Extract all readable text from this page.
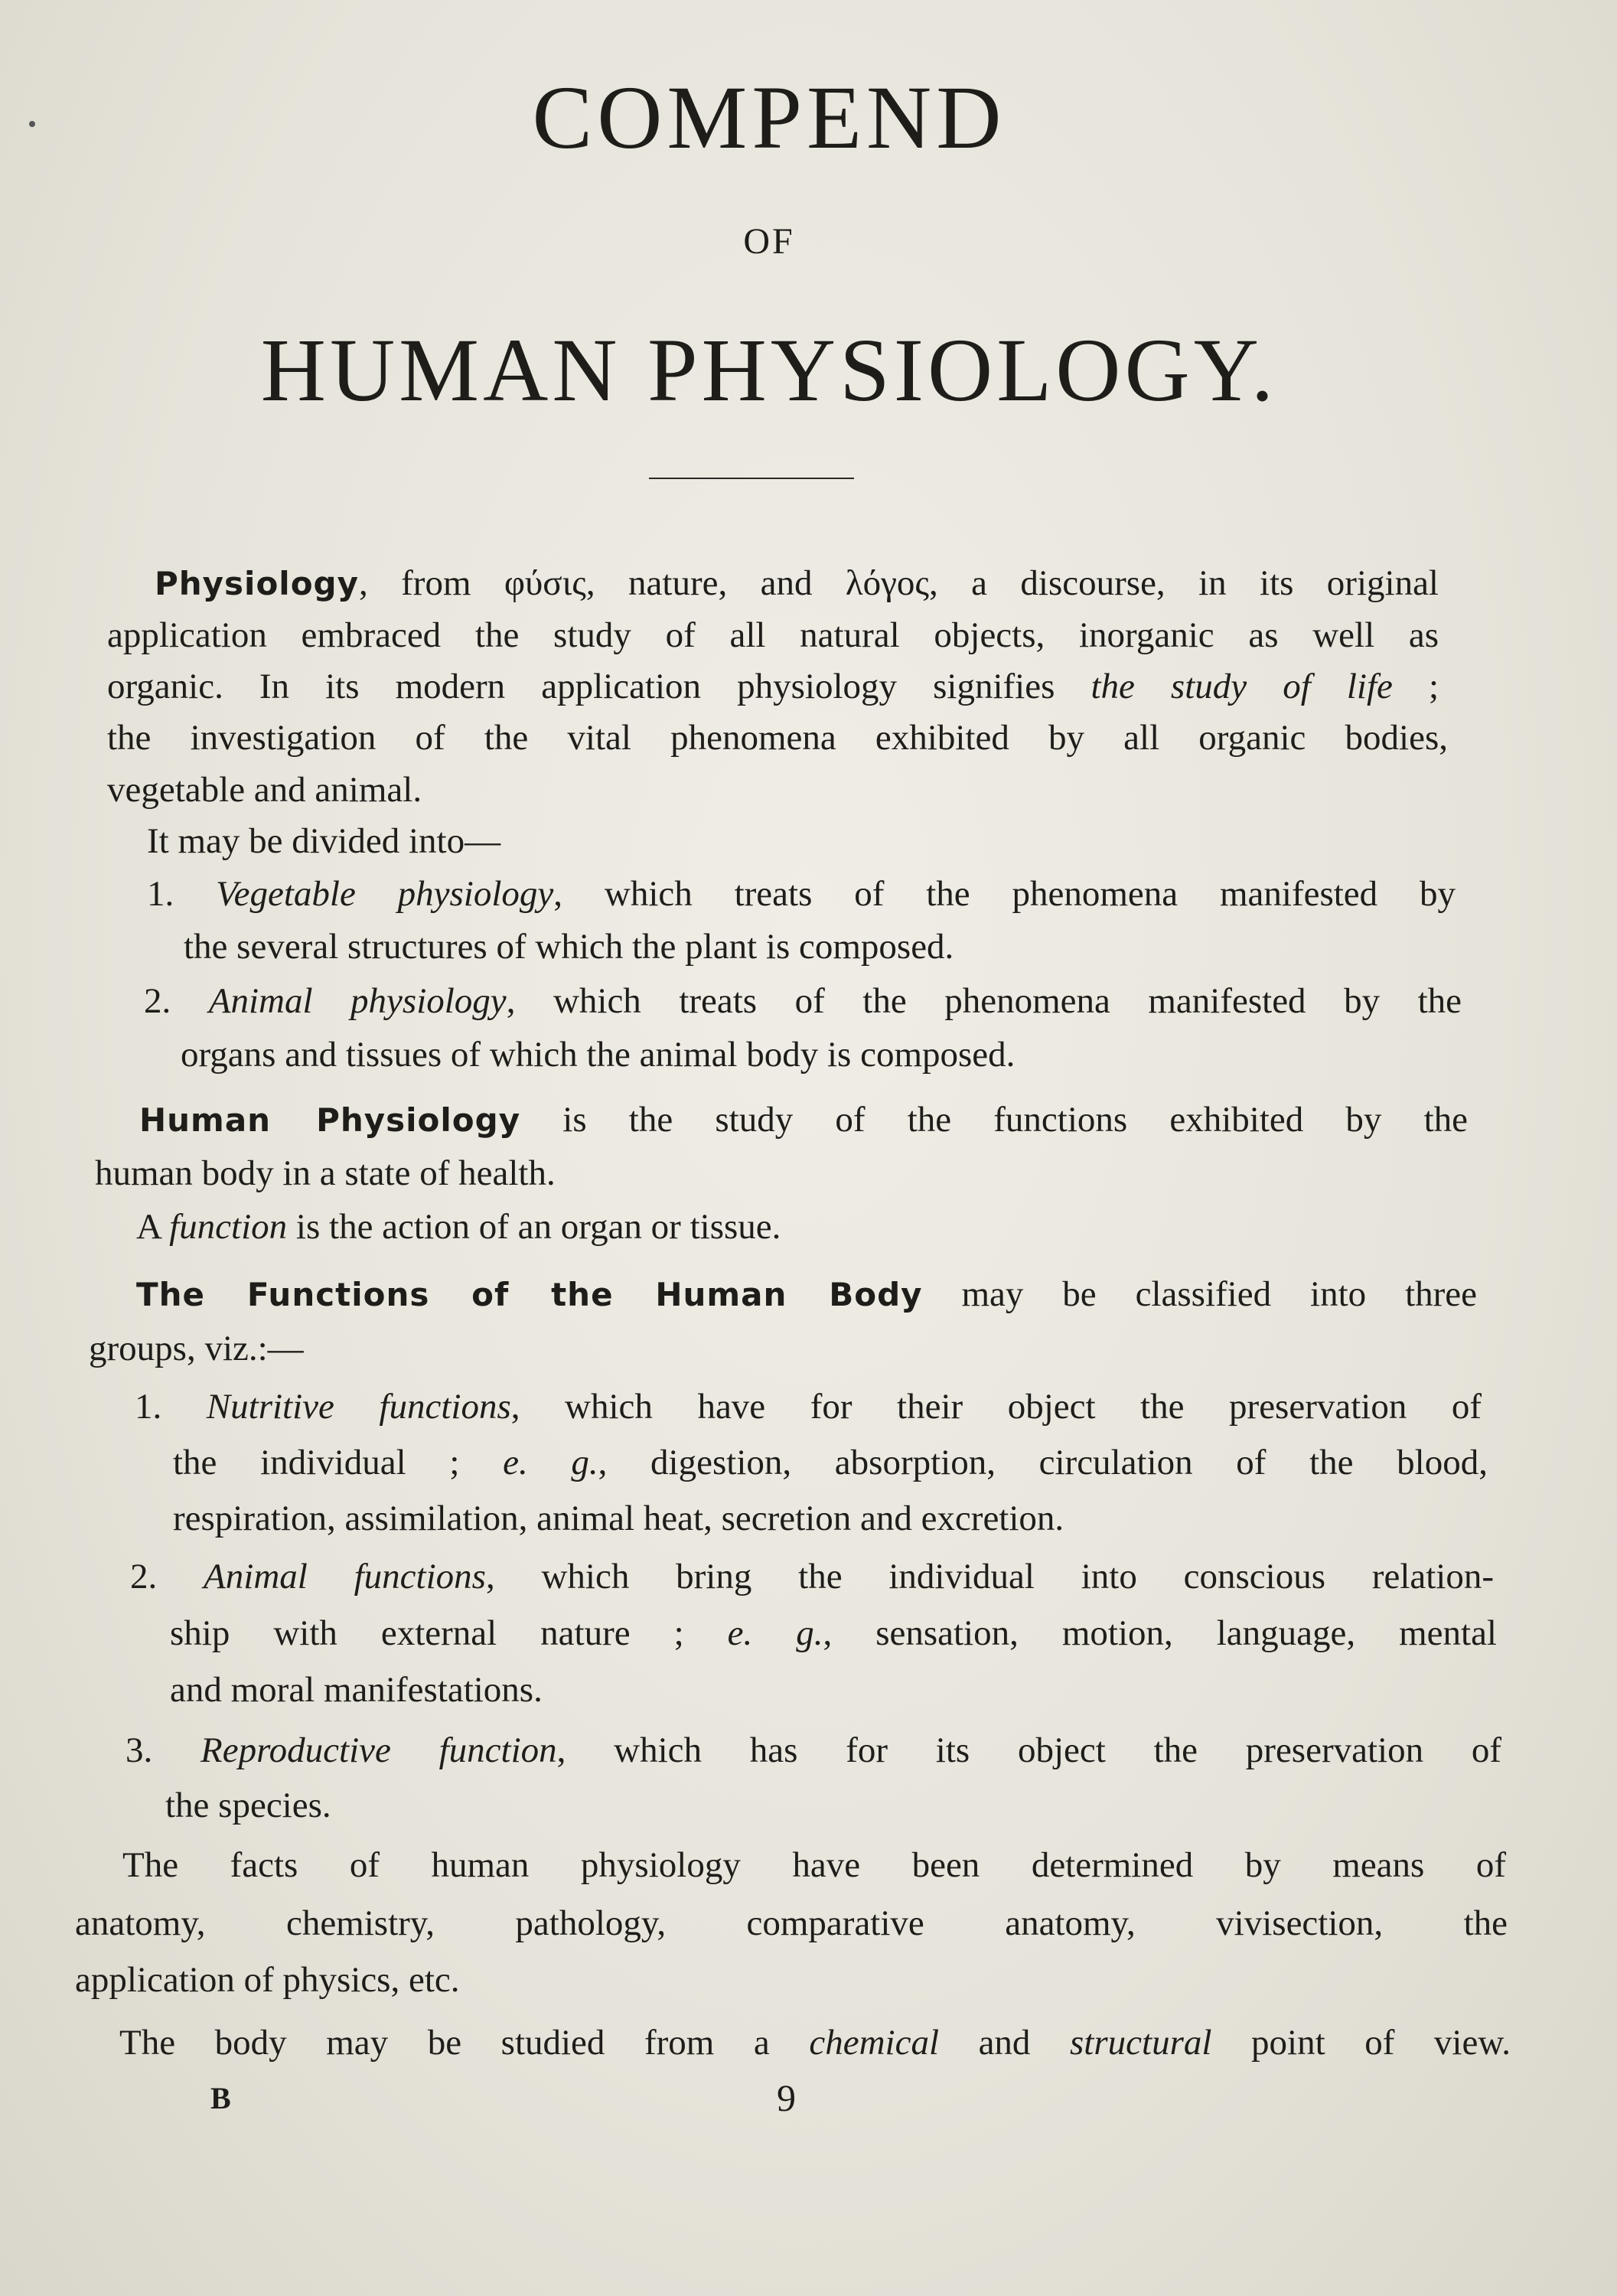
COMPEND
OF
HUMAN PHYSIOLOGY.
Physiology, from φύσις, nature, and λόγος, a discourse, in its original
application embraced the study of all natural objects, inorganic as well as
organic. In its modern application physiology signifies the study of life ;
the investigation of the vital phenomena exhibited by all organic bodies,
vegetable and animal.
It may be divided into—
1. Vegetable physiology, which treats of the phenomena manifested by
the several structures of which the plant is composed.
2. Animal physiology, which treats of the phenomena manifested by the
organs and tissues of which the animal body is composed.
Human Physiology is the study of the functions exhibited by the
human body in a state of health.
A function is the action of an organ or tissue.
The Functions of the Human Body may be classified into three
groups, viz.:—
1. Nutritive functions, which have for their object the preservation of
the individual ; e. g., digestion, absorption, circulation of the blood,
respiration, assimilation, animal heat, secretion and excretion.
2. Animal functions, which bring the individual into conscious relation-
ship with external nature ; e. g., sensation, motion, language, mental
and moral manifestations.
3. Reproductive function, which has for its object the preservation of
the species.
The facts of human physiology have been determined by means of
anatomy, chemistry, pathology, comparative anatomy, vivisection, the
application of physics, etc.
The body may be studied from a chemical and structural point of view.
B	9
